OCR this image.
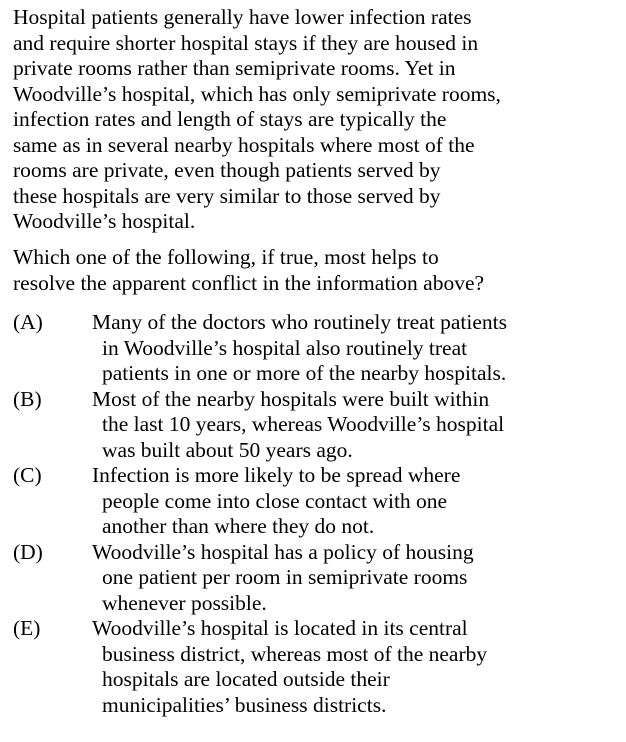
Hospital patients generally have lower infection rates
and require shorter hospital stays if they are housed in
private rooms rather than semiprivate rooms. Yet in
Woodville’s hospital, which has only semiprivate rooms,
infection rates and length of stays are typically the
same as in several nearby hospitals where most of the
rooms are private, even though patients served by
these hospitals are very similar to those served by
Woodville’s hospital.
Which one of the following, if true, most helps to
resolve the apparent conflict in the information above?
(A) Many of the doctors who routinely treat patients
in Woodville’s hospital also routinely treat
patients in one or more of the nearby hospitals.
(B) Most of the nearby hospitals were built within
the last 10 years, whereas Woodville’s hospital
was built about 50 years ago.
(C) Infection is more likely to be spread where
people come into close contact with one
another than where they do not.
(D) Woodville’s hospital has a policy of housing
one patient per room in semiprivate rooms
whenever possible.
(E) Woodville’s hospital is located in its central
business district, whereas most of the nearby
hospitals are located outside their
municipalities’ business districts.
